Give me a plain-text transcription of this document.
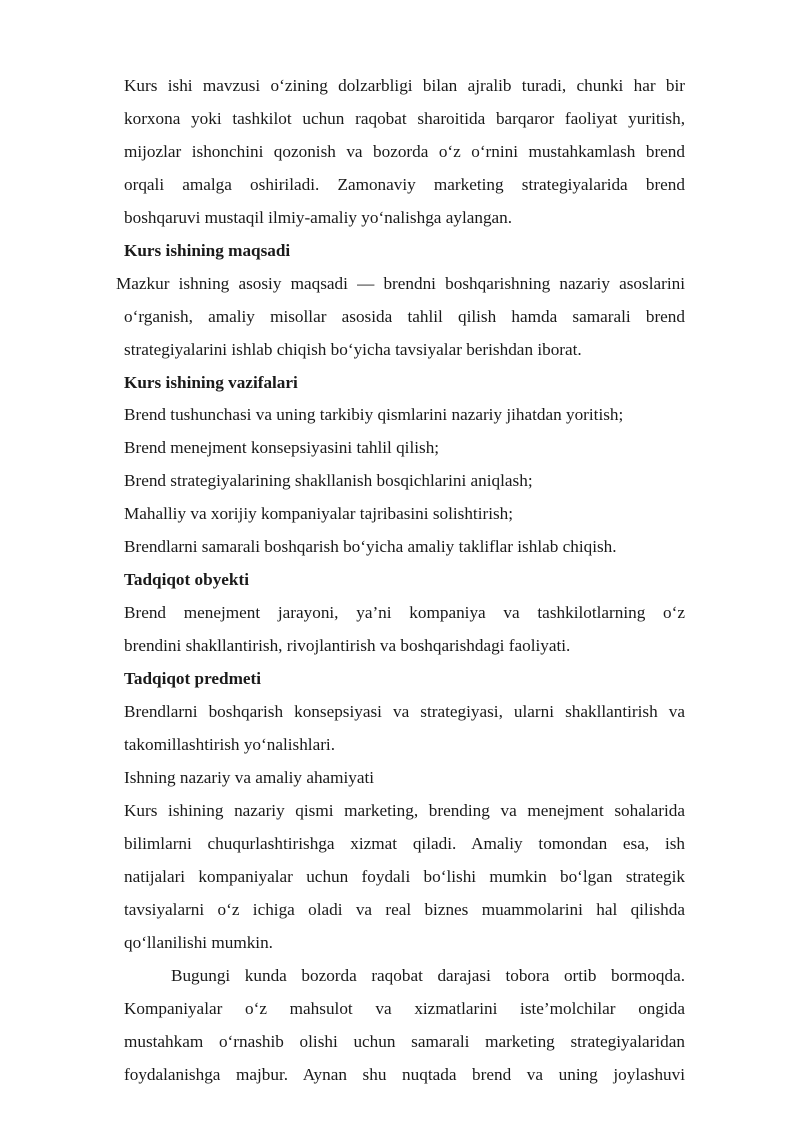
Kurs ishi mavzusi o‘zining dolzarbligi bilan ajralib turadi, chunki har bir
korxona yoki tashkilot uchun raqobat sharoitida barqaror faoliyat yuritish,
mijozlar ishonchini qozonish va bozorda o‘z o‘rnini mustahkamlash brend
orqali amalga oshiriladi. Zamonaviy marketing strategiyalarida brend
boshqaruvi mustaqil ilmiy-amaliy yo‘nalishga aylangan.
Kurs ishining maqsadi
Mazkur ishning asosiy maqsadi — brendni boshqarishning nazariy asoslarini
o‘rganish, amaliy misollar asosida tahlil qilish hamda samarali brend
strategiyalarini ishlab chiqish bo‘yicha tavsiyalar berishdan iborat.
Kurs ishining vazifalari
Brend tushunchasi va uning tarkibiy qismlarini nazariy jihatdan yoritish;
Brend menejment konsepsiyasini tahlil qilish;
Brend strategiyalarining shakllanish bosqichlarini aniqlash;
Mahalliy va xorijiy kompaniyalar tajribasini solishtirish;
Brendlarni samarali boshqarish bo‘yicha amaliy takliflar ishlab chiqish.
Tadqiqot obyekti
Brend menejment jarayoni, ya’ni kompaniya va tashkilotlarning o‘z
brendini shakllantirish, rivojlantirish va boshqarishdagi faoliyati.
Tadqiqot predmeti
Brendlarni boshqarish konsepsiyasi va strategiyasi, ularni shakllantirish va
takomillashtirish yo‘nalishlari.
Ishning nazariy va amaliy ahamiyati
Kurs ishining nazariy qismi marketing, brending va menejment sohalarida
bilimlarni chuqurlashtirishga xizmat qiladi. Amaliy tomondan esa, ish
natijalari kompaniyalar uchun foydali bo‘lishi mumkin bo‘lgan strategik
tavsiyalarni o‘z ichiga oladi va real biznes muammolarini hal qilishda
qo‘llanilishi mumkin.
Bugungi kunda bozorda raqobat darajasi tobora ortib bormoqda.
Kompaniyalar o‘z mahsulot va xizmatlarini iste’molchilar ongida
mustahkam o‘rnashib olishi uchun samarali marketing strategiyalaridan
foydalanishga majbur. Aynan shu nuqtada brend va uning joylashuvi
